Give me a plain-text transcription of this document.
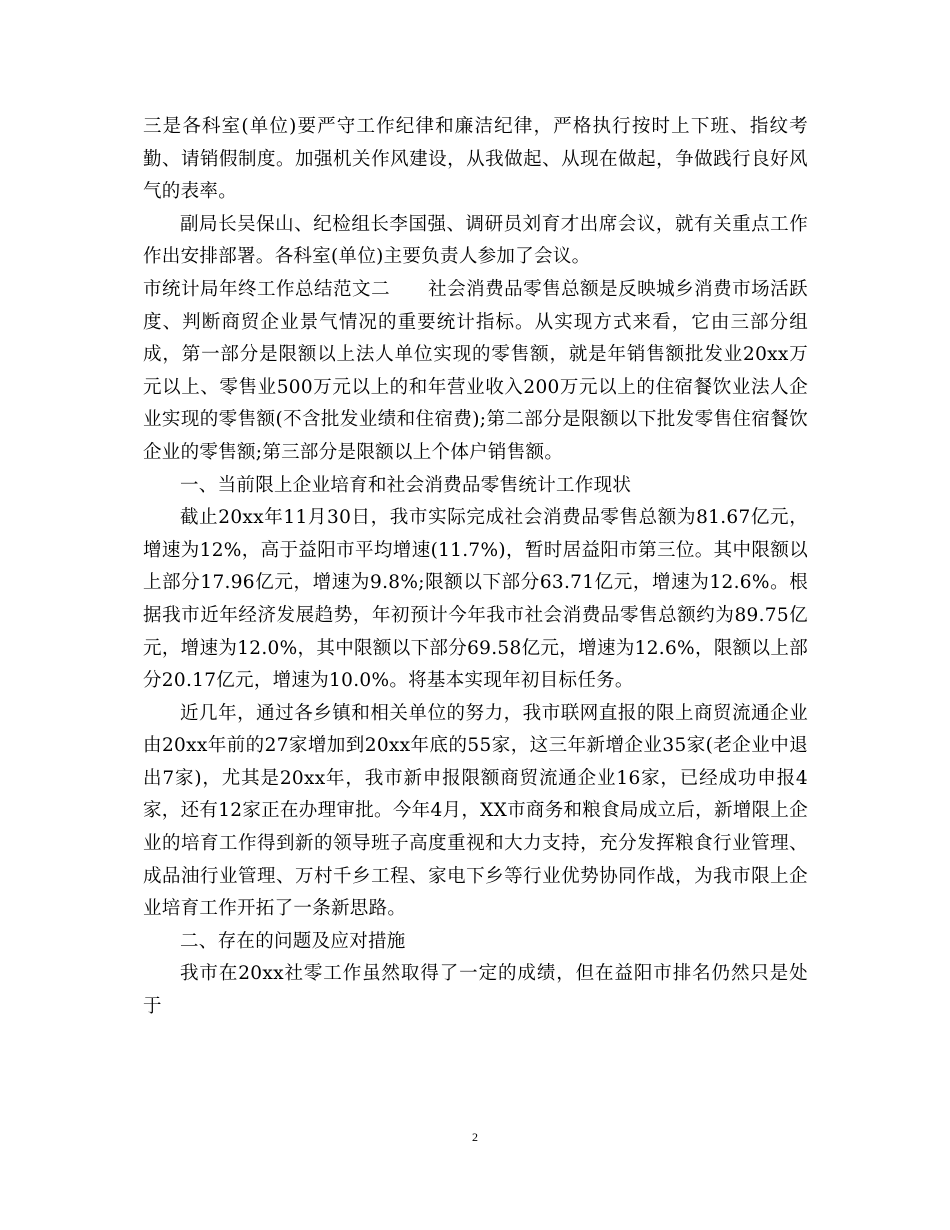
三是各科室(单位)要严守工作纪律和廉洁纪律，严格执行按时上下班、指纹考勤、请销假制度。加强机关作风建设，从我做起、从现在做起，争做践行良好风气的表率。

副局长吴保山、纪检组长李国强、调研员刘育才出席会议，就有关重点工作作出安排部署。各科室(单位)主要负责人参加了会议。

市统计局年终工作总结范文二　　社会消费品零售总额是反映城乡消费市场活跃度、判断商贸企业景气情况的重要统计指标。从实现方式来看，它由三部分组成，第一部分是限额以上法人单位实现的零售额，就是年销售额批发业20xx万元以上、零售业500万元以上的和年营业收入200万元以上的住宿餐饮业法人企业实现的零售额(不含批发业绩和住宿费);第二部分是限额以下批发零售住宿餐饮企业的零售额;第三部分是限额以上个体户销售额。

一、当前限上企业培育和社会消费品零售统计工作现状

截止20xx年11月30日，我市实际完成社会消费品零售总额为81.67亿元，增速为12%，高于益阳市平均增速(11.7%)，暂时居益阳市第三位。其中限额以上部分17.96亿元，增速为9.8%;限额以下部分63.71亿元，增速为12.6%。根据我市近年经济发展趋势，年初预计今年我市社会消费品零售总额约为89.75亿元，增速为12.0%，其中限额以下部分69.58亿元，增速为12.6%，限额以上部分20.17亿元，增速为10.0%。将基本实现年初目标任务。

近几年，通过各乡镇和相关单位的努力，我市联网直报的限上商贸流通企业由20xx年前的27家增加到20xx年底的55家，这三年新增企业35家(老企业中退出7家)，尤其是20xx年，我市新申报限额商贸流通企业16家，已经成功申报4家，还有12家正在办理审批。今年4月，XX市商务和粮食局成立后，新增限上企业的培育工作得到新的领导班子高度重视和大力支持，充分发挥粮食行业管理、成品油行业管理、万村千乡工程、家电下乡等行业优势协同作战，为我市限上企业培育工作开拓了一条新思路。

二、存在的问题及应对措施

我市在20xx社零工作虽然取得了一定的成绩，但在益阳市排名仍然只是处于

2
